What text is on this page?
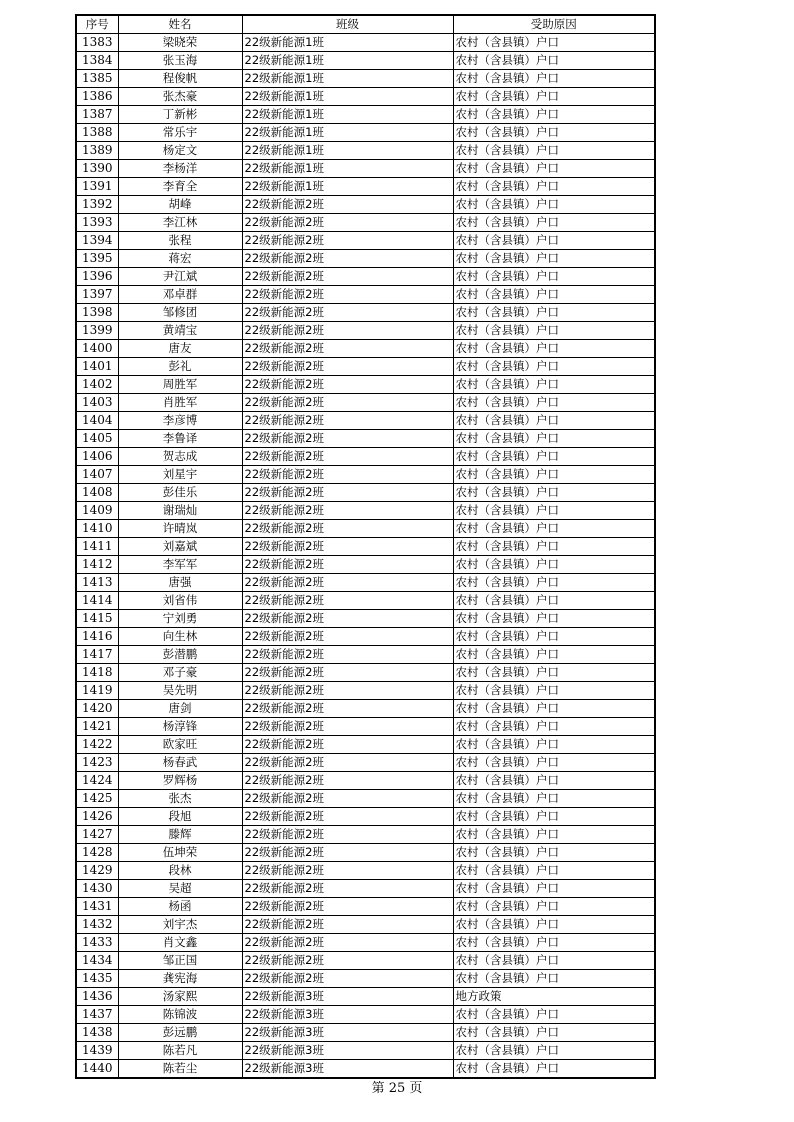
序号	姓名	班级	受助原因
1383	梁晓荣	22级新能源1班	农村（含县镇）户口
1384	张玉海	22级新能源1班	农村（含县镇）户口
1385	程俊帆	22级新能源1班	农村（含县镇）户口
1386	张杰豪	22级新能源1班	农村（含县镇）户口
1387	丁新彬	22级新能源1班	农村（含县镇）户口
1388	常乐宇	22级新能源1班	农村（含县镇）户口
1389	杨定文	22级新能源1班	农村（含县镇）户口
1390	李杨洋	22级新能源1班	农村（含县镇）户口
1391	李育全	22级新能源1班	农村（含县镇）户口
1392	胡峰	22级新能源2班	农村（含县镇）户口
1393	李江林	22级新能源2班	农村（含县镇）户口
1394	张程	22级新能源2班	农村（含县镇）户口
1395	蒋宏	22级新能源2班	农村（含县镇）户口
1396	尹江斌	22级新能源2班	农村（含县镇）户口
1397	邓卓群	22级新能源2班	农村（含县镇）户口
1398	邹修团	22级新能源2班	农村（含县镇）户口
1399	黄靖宝	22级新能源2班	农村（含县镇）户口
1400	唐友	22级新能源2班	农村（含县镇）户口
1401	彭礼	22级新能源2班	农村（含县镇）户口
1402	周胜军	22级新能源2班	农村（含县镇）户口
1403	肖胜军	22级新能源2班	农村（含县镇）户口
1404	李彦博	22级新能源2班	农村（含县镇）户口
1405	李鲁译	22级新能源2班	农村（含县镇）户口
1406	贺志成	22级新能源2班	农村（含县镇）户口
1407	刘星宇	22级新能源2班	农村（含县镇）户口
1408	彭佳乐	22级新能源2班	农村（含县镇）户口
1409	谢瑞灿	22级新能源2班	农村（含县镇）户口
1410	许晴岚	22级新能源2班	农村（含县镇）户口
1411	刘嘉斌	22级新能源2班	农村（含县镇）户口
1412	李军军	22级新能源2班	农村（含县镇）户口
1413	唐强	22级新能源2班	农村（含县镇）户口
1414	刘省伟	22级新能源2班	农村（含县镇）户口
1415	宁刘勇	22级新能源2班	农村（含县镇）户口
1416	向生林	22级新能源2班	农村（含县镇）户口
1417	彭潜鹏	22级新能源2班	农村（含县镇）户口
1418	邓子豪	22级新能源2班	农村（含县镇）户口
1419	吴先明	22级新能源2班	农村（含县镇）户口
1420	唐剑	22级新能源2班	农村（含县镇）户口
1421	杨淳锋	22级新能源2班	农村（含县镇）户口
1422	欧家旺	22级新能源2班	农村（含县镇）户口
1423	杨春武	22级新能源2班	农村（含县镇）户口
1424	罗辉杨	22级新能源2班	农村（含县镇）户口
1425	张杰	22级新能源2班	农村（含县镇）户口
1426	段旭	22级新能源2班	农村（含县镇）户口
1427	滕辉	22级新能源2班	农村（含县镇）户口
1428	伍坤荣	22级新能源2班	农村（含县镇）户口
1429	段林	22级新能源2班	农村（含县镇）户口
1430	吴超	22级新能源2班	农村（含县镇）户口
1431	杨函	22级新能源2班	农村（含县镇）户口
1432	刘宇杰	22级新能源2班	农村（含县镇）户口
1433	肖文鑫	22级新能源2班	农村（含县镇）户口
1434	邹正国	22级新能源2班	农村（含县镇）户口
1435	龚宪海	22级新能源2班	农村（含县镇）户口
1436	汤家熙	22级新能源3班	地方政策
1437	陈锦波	22级新能源3班	农村（含县镇）户口
1438	彭远鹏	22级新能源3班	农村（含县镇）户口
1439	陈若凡	22级新能源3班	农村（含县镇）户口
1440	陈若尘	22级新能源3班	农村（含县镇）户口
第 25 页
